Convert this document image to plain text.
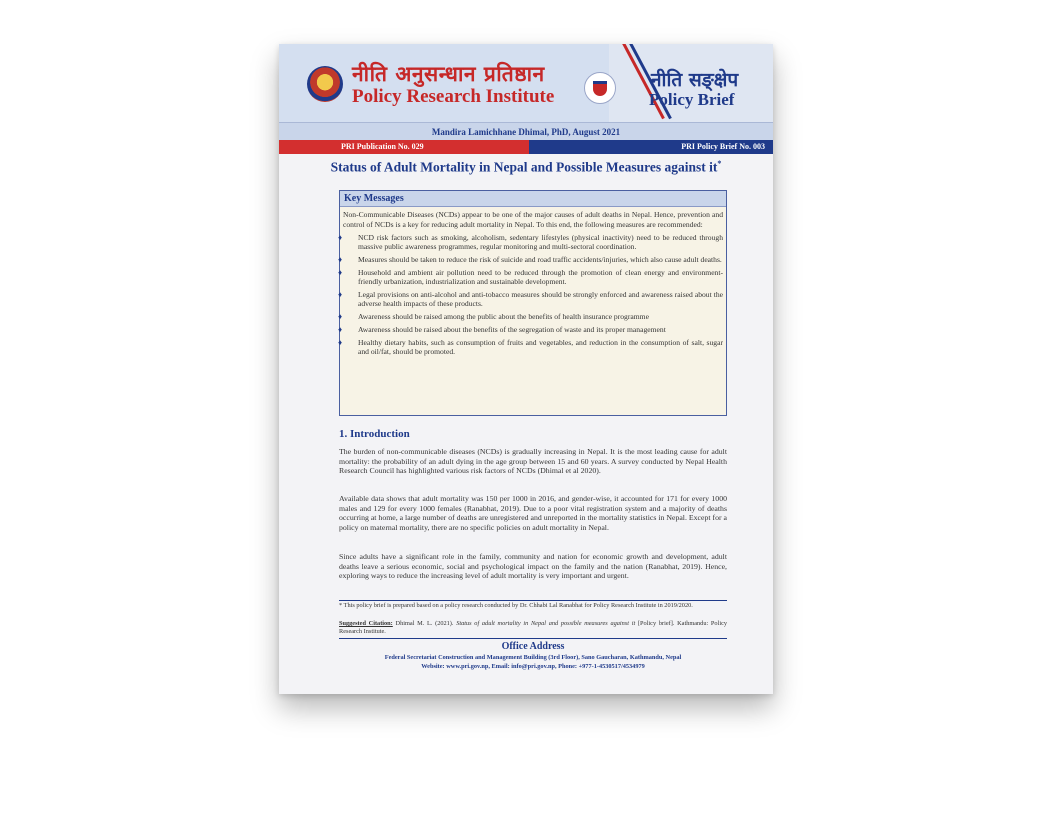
नीति अनुसन्धान प्रतिष्ठान
Policy Research Institute
नीति सङ्क्षेप
Policy Brief
Mandira Lamichhane Dhimal, PhD, August 2021
PRI Publication No. 029	PRI Policy Brief No. 003
Status of Adult Mortality in Nepal and Possible Measures against it*
Key Messages
Non-Communicable Diseases (NCDs) appear to be one of the major causes of adult deaths in Nepal. Hence, prevention and control of NCDs is a key for reducing adult mortality in Nepal. To this end, the following measures are recommended:
♦ NCD risk factors such as smoking, alcoholism, sedentary lifestyles (physical inactivity) need to be reduced through massive public awareness programmes, regular monitoring and multi-sectoral coordination.
♦ Measures should be taken to reduce the risk of suicide and road traffic accidents/injuries, which also cause adult deaths.
♦ Household and ambient air pollution need to be reduced through the promotion of clean energy and environment-friendly urbanization, industrialization and sustainable development.
♦ Legal provisions on anti-alcohol and anti-tobacco measures should be strongly enforced and awareness raised about the adverse health impacts of these products.
♦ Awareness should be raised among the public about the benefits of health insurance programme
♦ Awareness should be raised about the benefits of the segregation of waste and its proper management
♦ Healthy dietary habits, such as consumption of fruits and vegetables, and reduction in the consumption of salt, sugar and oil/fat, should be promoted.
1. Introduction
The burden of non-communicable diseases (NCDs) is gradually increasing in Nepal. It is the most leading cause for adult mortality: the probability of an adult dying in the age group between 15 and 60 years. A survey conducted by Nepal Health Research Council has highlighted various risk factors of NCDs (Dhimal et al 2020).
Available data shows that adult mortality was 150 per 1000 in 2016, and gender-wise, it accounted for 171 for every 1000 males and 129 for every 1000 females (Ranabhat, 2019). Due to a poor vital registration system and a majority of deaths occurring at home, a large number of deaths are unregistered and unreported in the mortality statistics in Nepal. Except for a policy on maternal mortality, there are no specific policies on adult mortality in Nepal.
Since adults have a significant role in the family, community and nation for economic growth and development, adult deaths leave a serious economic, social and psychological impact on the family and the nation (Ranabhat, 2019). Hence, exploring ways to reduce the increasing level of adult mortality is very important and urgent.
* This policy brief is prepared based on a policy research conducted by Dr. Chhabi Lal Ranabhat for Policy Research Institute in 2019/2020.
Suggested Citation: Dhimal M. L. (2021). Status of adult mortality in Nepal and possible measures against it [Policy brief]. Kathmandu: Policy Research Institute.
Office Address
Federal Secretariat Construction and Management Building (3rd Floor), Sano Gaucharan, Kathmandu, Nepal
Website: www.pri.gov.np, Email: info@pri.gov.np, Phone: +977-1-4530517/4534979
